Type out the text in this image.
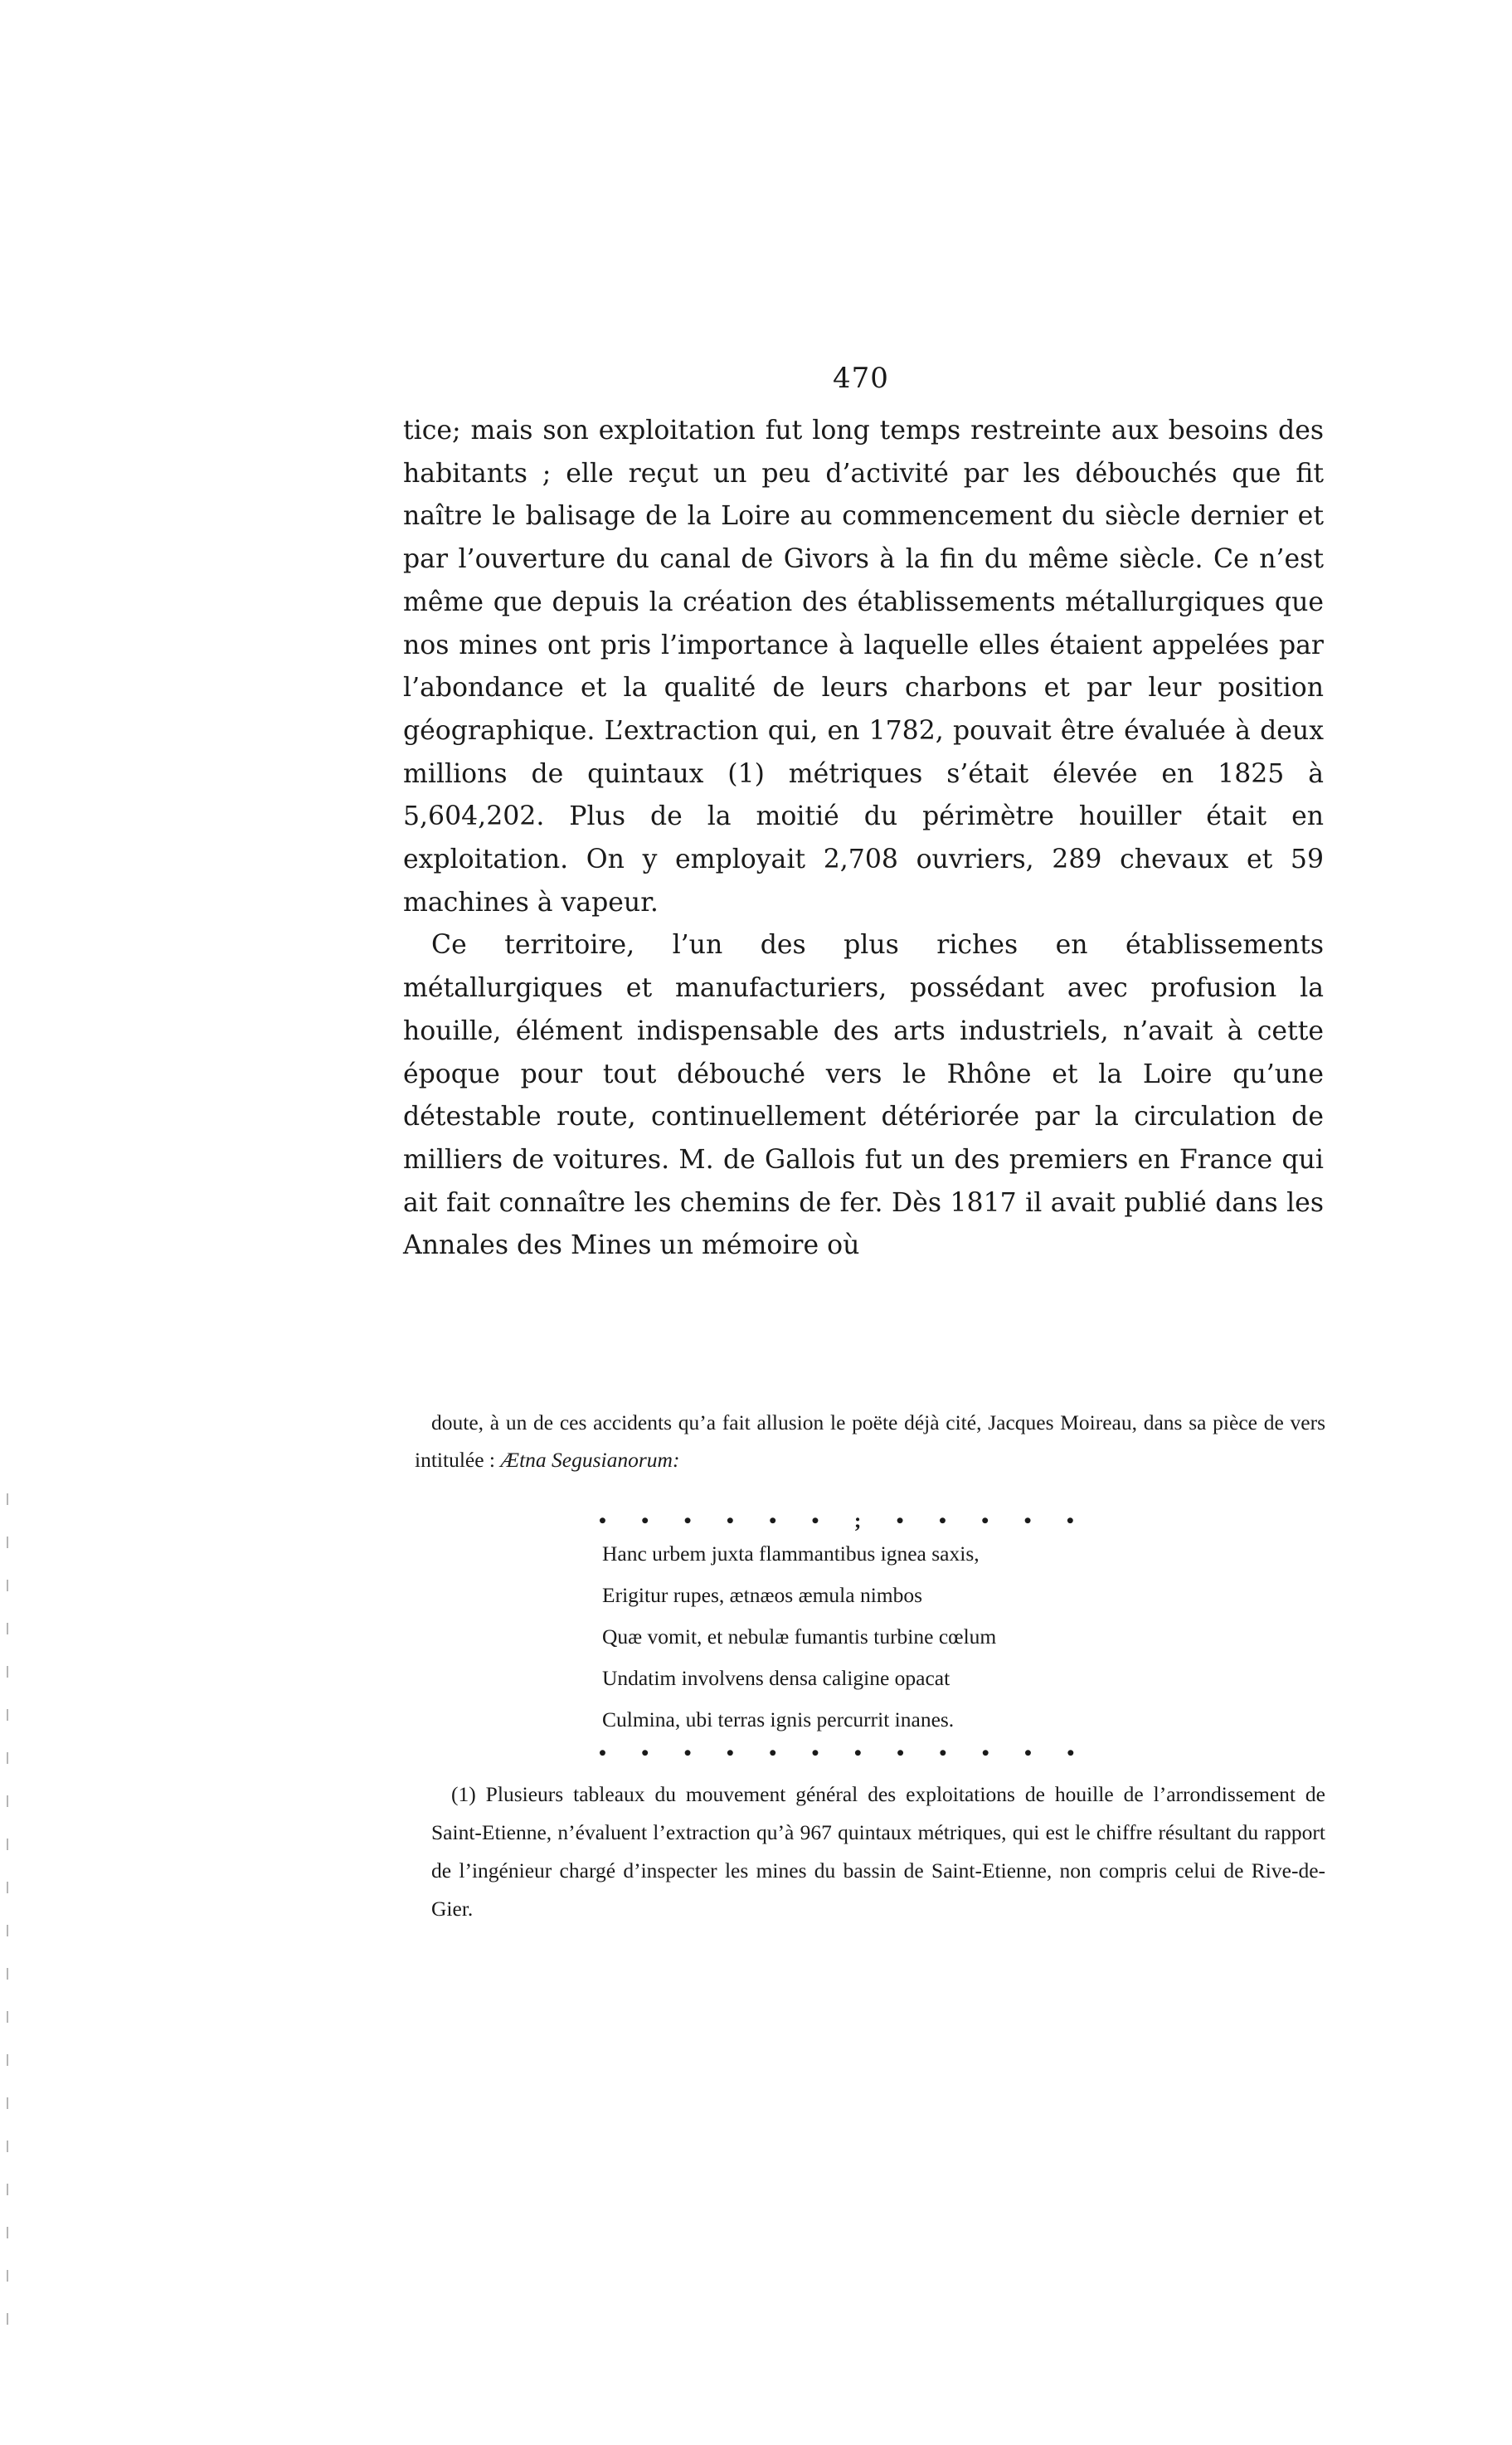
470

tice; mais son exploitation fut long temps restreinte aux besoins des habitants ; elle reçut un peu d’activité par les débouchés que fit naître le balisage de la Loire au commencement du siècle dernier et par l’ouverture du canal de Givors à la fin du même siècle. Ce n’est même que depuis la création des établissements métallurgiques que nos mines ont pris l’importance à laquelle elles étaient appelées par l’abondance et la qualité de leurs charbons et par leur position géographique. L’extraction qui, en 1782, pouvait être évaluée à deux millions de quintaux (1) métriques s’était élevée en 1825 à 5,604,202. Plus de la moitié du périmètre houiller était en exploitation. On y employait 2,708 ouvriers, 289 chevaux et 59 machines à vapeur.

Ce territoire, l’un des plus riches en établissements métallurgiques et manufacturiers, possédant avec profusion la houille, élément indispensable des arts industriels, n’avait à cette époque pour tout débouché vers le Rhône et la Loire qu’une détestable route, continuellement détériorée par la circulation de milliers de voitures. M. de Gallois fut un des premiers en France qui ait fait connaître les chemins de fer. Dès 1817 il avait publié dans les Annales des Mines un mémoire où

doute, à un de ces accidents qu’a fait allusion le poëte déjà cité, Jacques Moireau, dans sa pièce de vers intitulée : Ætna Segusianorum:

• • • • • • ; • • • • •
Hanc urbem juxta flammantibus ignea saxis,
Erigitur rupes, ætnæos æmula nimbos
Quæ vomit, et nebulæ fumantis turbine cœlum
Undatim involvens densa caligine opacat
Culmina, ubi terras ignis percurrit inanes.
• • • • • • • • • • • •

(1) Plusieurs tableaux du mouvement général des exploitations de houille de l’arrondissement de Saint-Etienne, n’évaluent l’extraction qu’à 967 quintaux métriques, qui est le chiffre résultant du rapport de l’ingénieur chargé d’inspecter les mines du bassin de Saint-Etienne, non compris celui de Rive-de-Gier.
